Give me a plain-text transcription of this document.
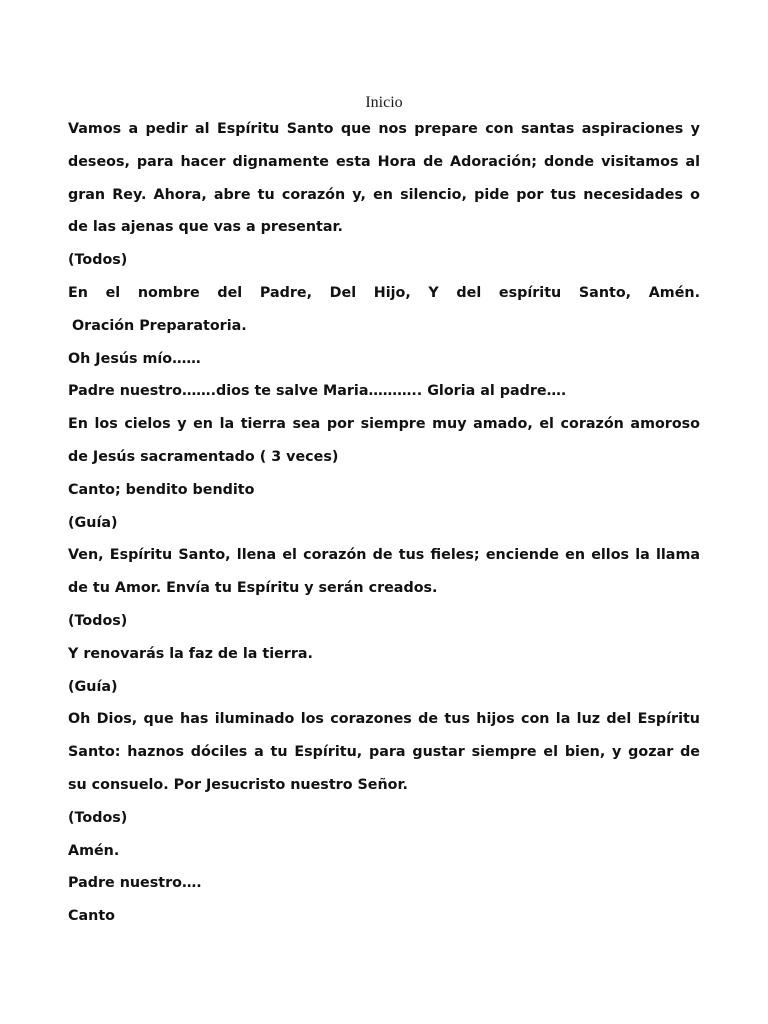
Inicio
Vamos a pedir al Espíritu Santo que nos prepare con santas aspiraciones y
deseos, para hacer dignamente esta Hora de Adoración; donde visitamos al
gran Rey. Ahora, abre tu corazón y, en silencio, pide por tus necesidades o
de las ajenas que vas a presentar.
(Todos)
En el nombre del Padre, Del Hijo, Y del espíritu Santo, Amén.
Oración Preparatoria.
Oh Jesús mío……
Padre nuestro…….dios te salve Maria……….. Gloria al padre….
En los cielos y en la tierra sea por siempre muy amado, el corazón amoroso
de Jesús sacramentado ( 3 veces)
Canto; bendito bendito
(Guía)
Ven, Espíritu Santo, llena el corazón de tus fieles; enciende en ellos la llama
de tu Amor. Envía tu Espíritu y serán creados.
(Todos)
Y renovarás la faz de la tierra.
(Guía)
Oh Dios, que has iluminado los corazones de tus hijos con la luz del Espíritu
Santo: haznos dóciles a tu Espíritu, para gustar siempre el bien, y gozar de
su consuelo. Por Jesucristo nuestro Señor.
(Todos)
Amén.
Padre nuestro….
Canto
